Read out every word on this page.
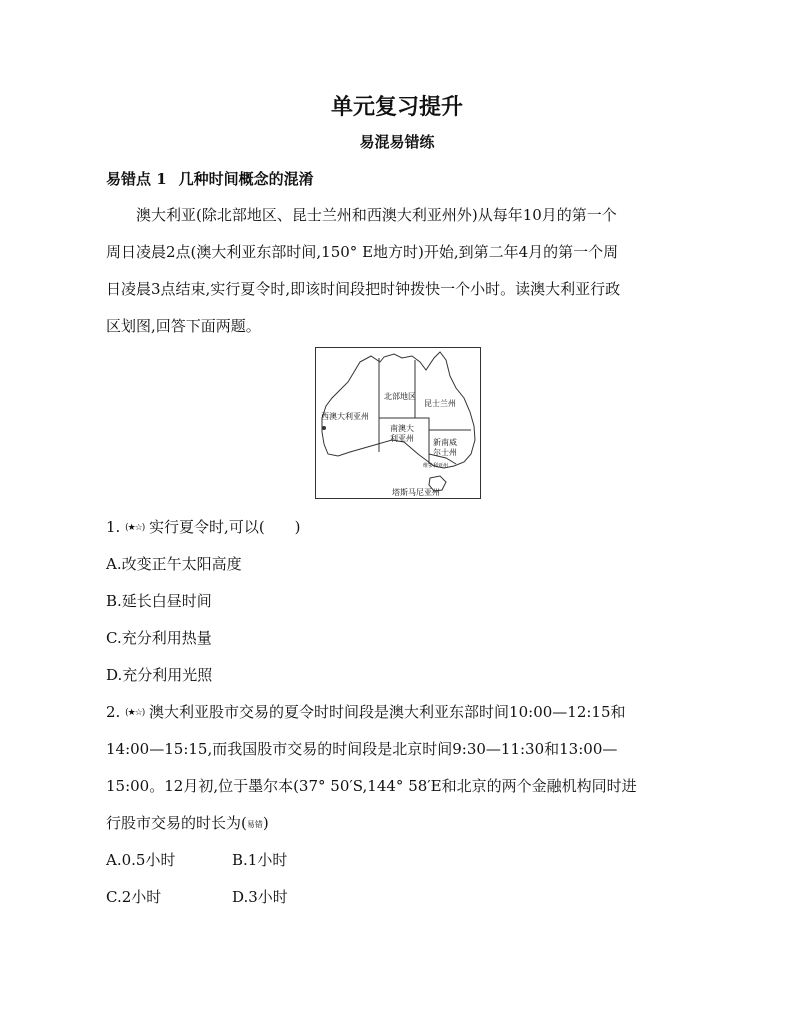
单元复习提升
易混易错练
易错点 1 几种时间概念的混淆
澳大利亚(除北部地区、昆士兰州和西澳大利亚州外)从每年10月的第一个
周日凌晨2点(澳大利亚东部时间,150° E地方时)开始,到第二年4月的第一个周
日凌晨3点结束,实行夏令时,即该时间段把时钟拨快一个小时。读澳大利亚行政
区划图,回答下面两题。
北部地区
昆士兰州
西澳大利亚州
南澳大
利亚州 新南威
尔士州
维多利亚州
塔斯马尼亚州
1. (★☆) 实行夏令时,可以(　　)
A.改变正午太阳高度
B.延长白昼时间
C.充分利用热量
D.充分利用光照
2. (★☆) 澳大利亚股市交易的夏令时时间段是澳大利亚东部时间10:00—12:15和
14:00—15:15,而我国股市交易的时间段是北京时间9:30—11:30和13:00—
15:00。12月初,位于墨尔本(37° 50′S,144° 58′E和北京的两个金融机构同时进
行股市交易的时长为(易错)
A.0.5小时	B.1小时
C.2小时	D.3小时
